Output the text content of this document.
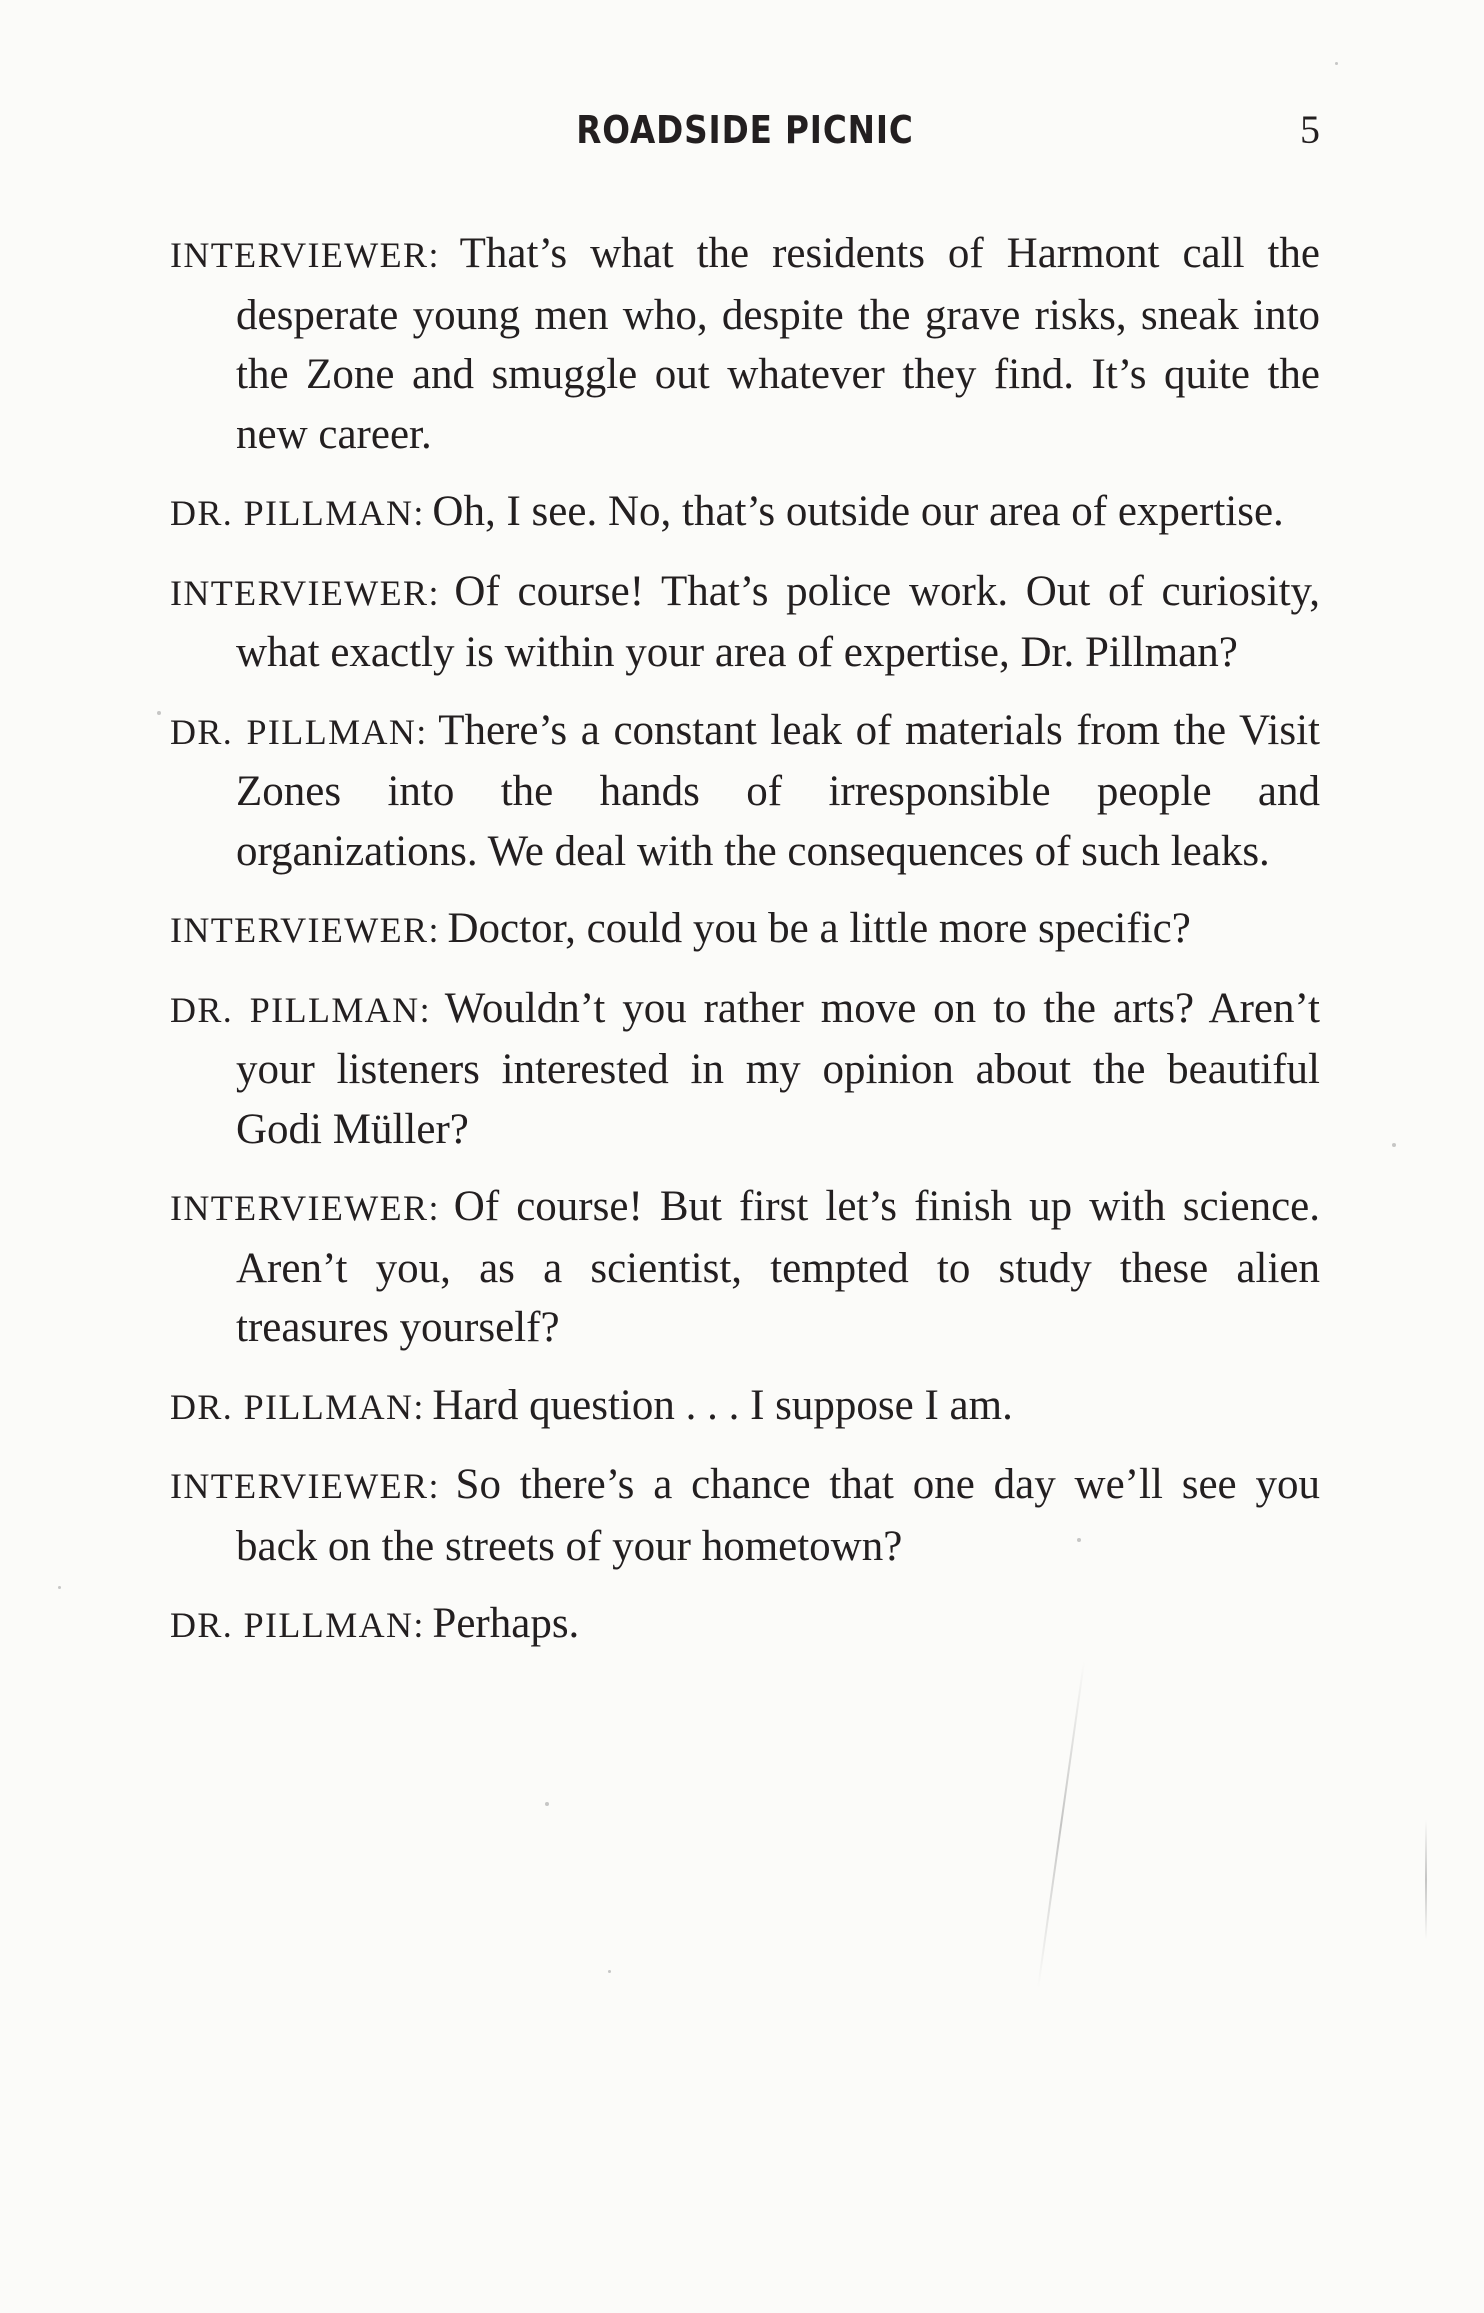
ROADSIDE PICNIC	5

INTERVIEWER: That’s what the residents of Harmont call the desperate young men who, despite the grave risks, sneak into the Zone and smuggle out whatever they find. It’s quite the new career.

DR. PILLMAN: Oh, I see. No, that’s outside our area of expertise.

INTERVIEWER: Of course! That’s police work. Out of curiosity, what exactly is within your area of expertise, Dr. Pillman?

DR. PILLMAN: There’s a constant leak of materials from the Visit Zones into the hands of irresponsible people and organizations. We deal with the consequences of such leaks.

INTERVIEWER: Doctor, could you be a little more specific?

DR. PILLMAN: Wouldn’t you rather move on to the arts? Aren’t your listeners interested in my opinion about the beautiful Godi Müller?

INTERVIEWER: Of course! But first let’s finish up with science. Aren’t you, as a scientist, tempted to study these alien treasures yourself?

DR. PILLMAN: Hard question . . . I suppose I am.

INTERVIEWER: So there’s a chance that one day we’ll see you back on the streets of your hometown?

DR. PILLMAN: Perhaps.
